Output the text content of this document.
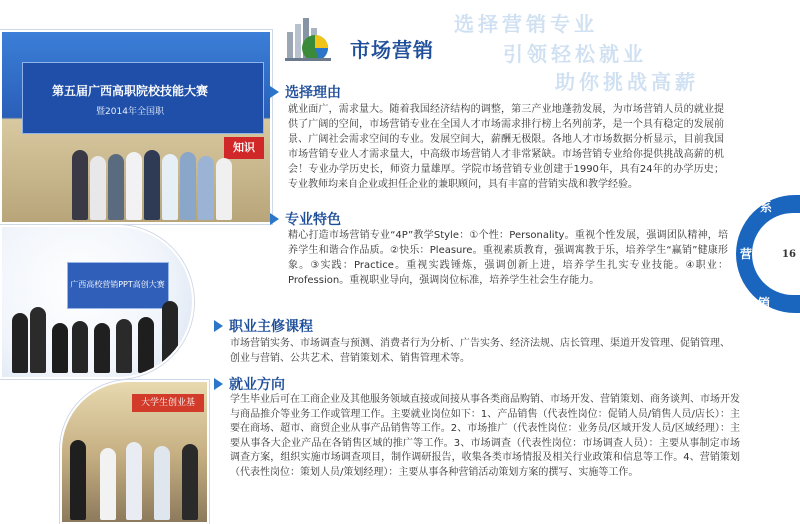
第五届广西高职院校技能大赛
暨2014年全国职
知识
广西高校营销PPT高创大赛
大学生创业基
市场营销
选择营销专业
引领轻松就业
助你挑战高薪
选择理由
就业面广，需求量大。随着我国经济结构的调整，第三产业地蓬勃发展，为市场营销人员的就业提供了广阔的空间，市场营销专业在全国人才市场需求排行榜上名列前茅，是一个具有稳定的发展前景、广阔社会需求空间的专业。发展空间大，薪酬无极限。各地人才市场数据分析显示，目前我国市场营销专业人才需求量大，中高级市场营销人才非常紧缺。市场营销专业给你提供挑战高薪的机会！专业办学历史长，师资力量雄厚。学院市场营销专业创建于1990年，具有24年的办学历史；专业教师均来自企业或担任企业的兼职顾问，具有丰富的营销实战和教学经验。
专业特色
精心打造市场营销专业“4P”教学Style：①个性：Personality。重视个性发展，强调团队精神，培养学生和谐合作品质。②快乐：Pleasure。重视素质教育，强调寓教于乐，培养学生“赢销”健康形象。③实践：Practice。重视实践锤炼，强调创新上进，培养学生扎实专业技能。④职业：Profession。重视职业导向，强调岗位标准，培养学生社会生存能力。
职业主修课程
市场营销实务、市场调查与预测、消费者行为分析、广告实务、经济法规、店长管理、渠道开发管理、促销管理、创业与营销、公共艺术、营销策划术、销售管理术等。
就业方向
学生毕业后可在工商企业及其他服务领域直接或间接从事各类商品购销、市场开发、营销策划、商务谈判、市场开发与商品推介等业务工作或管理工作。主要就业岗位如下：1、产品销售（代表性岗位：促销人员/销售人员/店长）：主要在商场、超市、商贸企业从事产品销售等工作。2、市场推广（代表性岗位：业务员/区域开发人员/区域经理）：主要从事各大企业产品在各销售区域的推广等工作。3、市场调查（代表性岗位：市场调查人员）：主要从事制定市场调查方案，组织实施市场调查项目，制作调研报告，收集各类市场情报及相关行业政策和信息等工作。4、营销策划（代表性岗位：策划人员/策划经理）：主要从事各种营销活动策划方案的撰写、实施等工作。
系
营
销
16
